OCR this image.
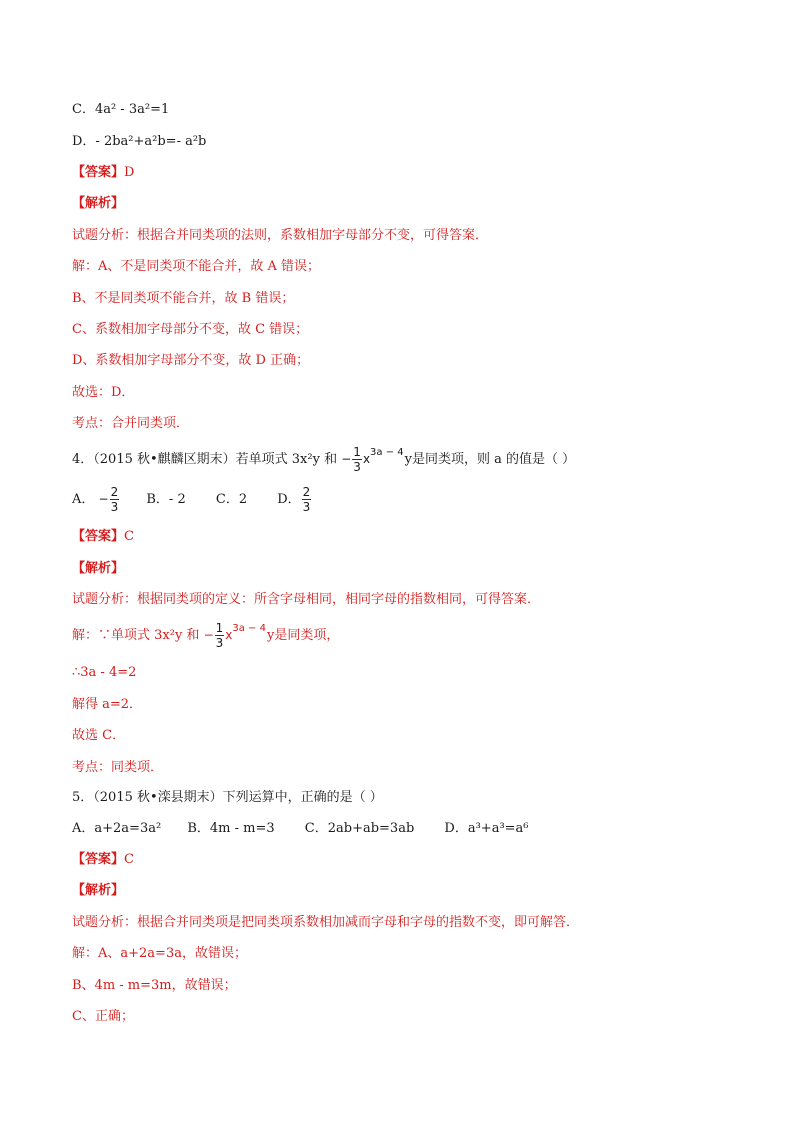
C．4a² - 3a²=1
D．- 2ba²+a²b=- a²b
【答案】D
【解析】
试题分析：根据合并同类项的法则，系数相加字母部分不变，可得答案．
解：A、不是同类项不能合并，故 A 错误；
B、不是同类项不能合并，故 B 错误；
C、系数相加字母部分不变，故 C 错误；
D、系数相加字母部分不变，故 D 正确；
故选：D．
考点：合并同类项．
4．（2015 秋•麒麟区期末）若单项式 3x²y 和 − $\frac{1}{3} x^{3a - 4}y$是同类项，则 a 的值是（ ）
A． − $\frac{2}{3}$ B．- 2 C．2 D． $\frac{2}{3}$
【答案】C
【解析】
试题分析：根据同类项的定义：所含字母相同，相同字母的指数相同，可得答案．
解：∵单项式 3x²y 和 − $\frac{1}{3} x^{3a - 4}y$是同类项，
∴3a - 4=2
解得 a=2．
故选 C．
考点：同类项．
5．（2015 秋•滦县期末）下列运算中，正确的是（ ）
A．a+2a=3a² B．4m - m=3 C．2ab+ab=3ab D．a³+a³=a⁶
【答案】C
【解析】
试题分析：根据合并同类项是把同类项系数相加减而字母和字母的指数不变，即可解答．
解：A、a+2a=3a，故错误；
B、4m - m=3m，故错误；
C、正确；
